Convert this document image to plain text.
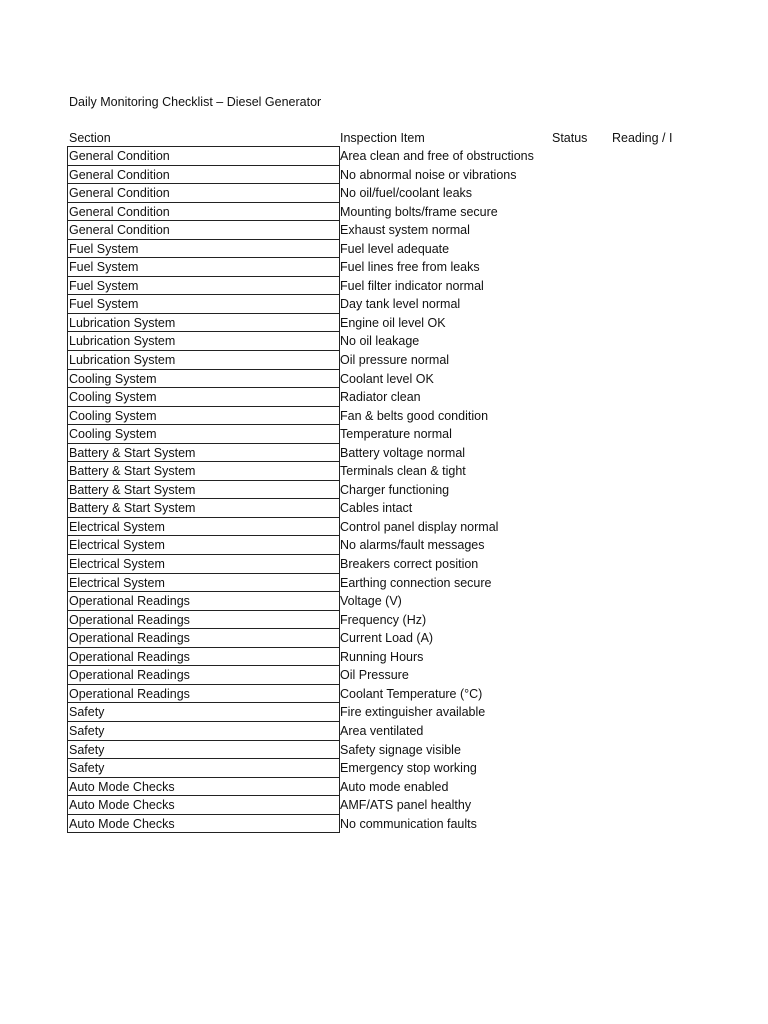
Daily Monitoring Checklist – Diesel Generator
Section	Inspection Item	Status Reading / I
General Condition	Area clean and free of obstructions
General Condition	No abnormal noise or vibrations
General Condition	No oil/fuel/coolant leaks
General Condition	Mounting bolts/frame secure
General Condition	Exhaust system normal
Fuel System	Fuel level adequate
Fuel System	Fuel lines free from leaks
Fuel System	Fuel filter indicator normal
Fuel System	Day tank level normal
Lubrication System	Engine oil level OK
Lubrication System	No oil leakage
Lubrication System	Oil pressure normal
Cooling System	Coolant level OK
Cooling System	Radiator clean
Cooling System	Fan & belts good condition
Cooling System	Temperature normal
Battery & Start System	Battery voltage normal
Battery & Start System	Terminals clean & tight
Battery & Start System	Charger functioning
Battery & Start System	Cables intact
Electrical System	Control panel display normal
Electrical System	No alarms/fault messages
Electrical System	Breakers correct position
Electrical System	Earthing connection secure
Operational Readings	Voltage (V)
Operational Readings	Frequency (Hz)
Operational Readings	Current Load (A)
Operational Readings	Running Hours
Operational Readings	Oil Pressure
Operational Readings	Coolant Temperature (°C)
Safety	Fire extinguisher available
Safety	Area ventilated
Safety	Safety signage visible
Safety	Emergency stop working
Auto Mode Checks	Auto mode enabled
Auto Mode Checks	AMF/ATS panel healthy
Auto Mode Checks	No communication faults
